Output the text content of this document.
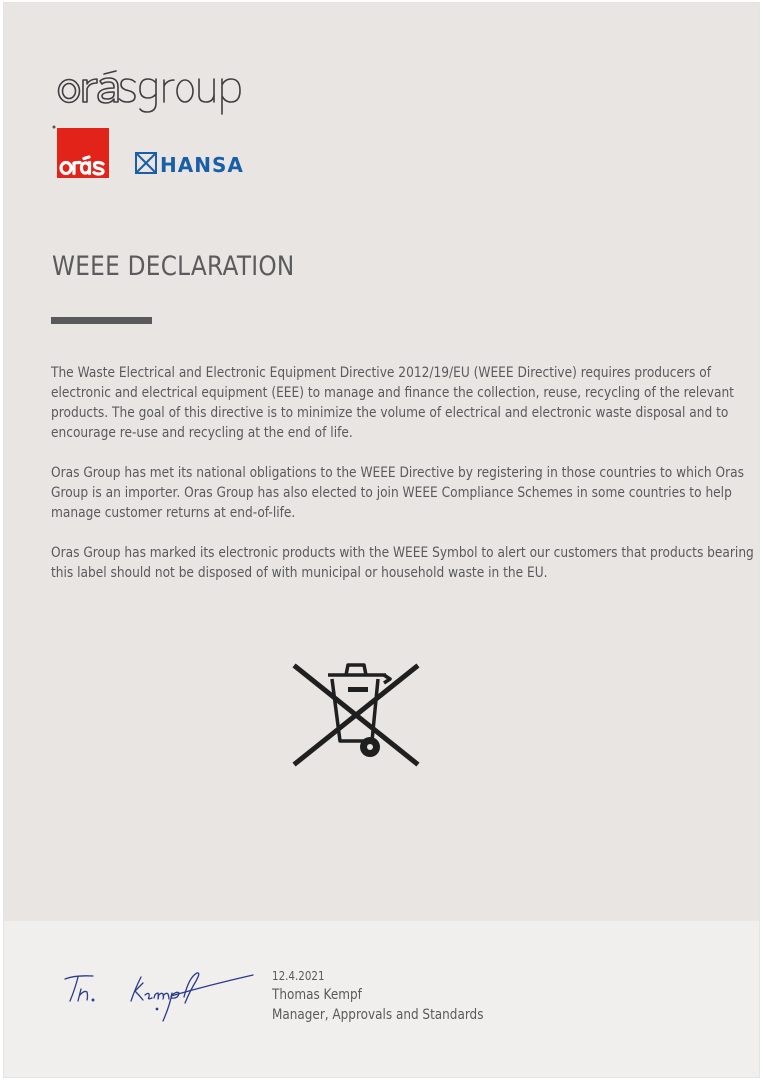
HANSA
WEEE DECLARATION

The Waste Electrical and Electronic Equipment Directive 2012/19/EU (WEEE Directive) requires producers of
electronic and electrical equipment (EEE) to manage and finance the collection, reuse, recycling of the relevant
products. The goal of this directive is to minimize the volume of electrical and electronic waste disposal and to
encourage re-use and recycling at the end of life.

Oras Group has met its national obligations to the WEEE Directive by registering in those countries to which Oras
Group is an importer. Oras Group has also elected to join WEEE Compliance Schemes in some countries to help
manage customer returns at end-of-life.

Oras Group has marked its electronic products with the WEEE Symbol to alert our customers that products bearing
this label should not be disposed of with municipal or household waste in the EU.

12.4.2021
Thomas Kempf
Manager, Approvals and Standards
